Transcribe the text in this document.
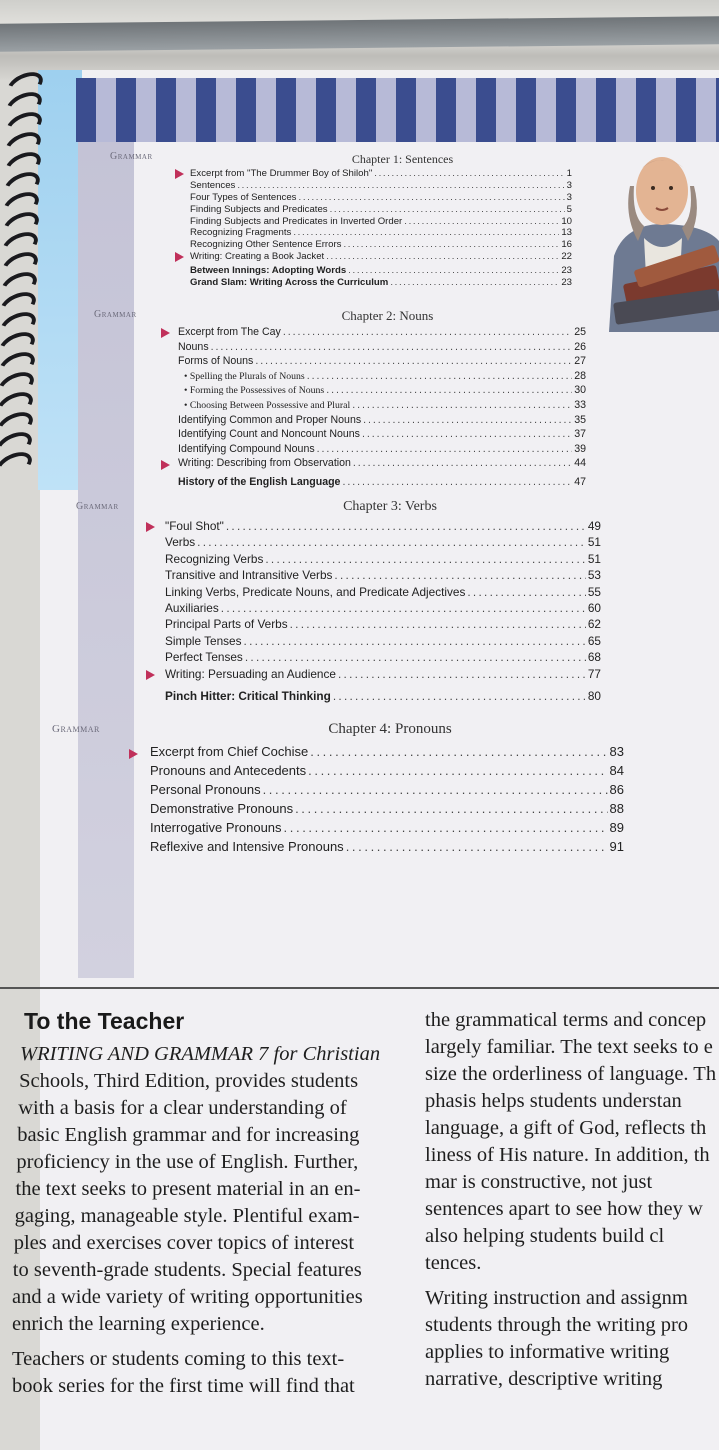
Grammar
Grammar
Grammar
Grammar
Chapter 1: Sentences
Chapter 2: Nouns
Chapter 3: Verbs
Chapter 4: Pronouns
Excerpt from "The Drummer Boy of Shiloh" . . .	1
Sentences . . .	3
Four Types of Sentences . . .	3
Finding Subjects and Predicates . . .	5
Finding Subjects and Predicates in Inverted Order . . .	10
Recognizing Fragments . . .	13
Recognizing Other Sentence Errors . . .	16
Writing: Creating a Book Jacket . . .	22
Between Innings: Adopting Words . . .	23
Grand Slam: Writing Across the Curriculum . . .	23
Excerpt from The Cay . . .	25
Nouns . . .	26
Forms of Nouns . . .	27
• Spelling the Plurals of Nouns . . .	28
• Forming the Possessives of Nouns . . .	30
• Choosing Between Possessive and Plural . . .	33
Identifying Common and Proper Nouns . . .	35
Identifying Count and Noncount Nouns . . .	37
Identifying Compound Nouns . . .	39
Writing: Describing from Observation . . .	44
History of the English Language . . .	47
"Foul Shot" . . .	49
Verbs . . .	51
Recognizing Verbs . . .	51
Transitive and Intransitive Verbs . . .	53
Linking Verbs, Predicate Nouns, and Predicate Adjectives . . .	55
Auxiliaries . . .	60
Principal Parts of Verbs . . .	62
Simple Tenses . . .	65
Perfect Tenses . . .	68
Writing: Persuading an Audience . . .	77
Pinch Hitter: Critical Thinking . . .	80
Excerpt from Chief Cochise . . .	83
Pronouns and Antecedents . . .	84
Personal Pronouns . . .	86
Demonstrative Pronouns . . .	88
Interrogative Pronouns . . .	89
Reflexive and Intensive Pronouns . . .	91
To the Teacher
WRITING AND GRAMMAR 7 for Christian
Schools, Third Edition, provides students
with a basis for a clear understanding of
basic English grammar and for increasing
proficiency in the use of English. Further,
the text seeks to present material in an en-
gaging, manageable style. Plentiful exam-
ples and exercises cover topics of interest
to seventh-grade students. Special features
and a wide variety of writing opportunities
enrich the learning experience.
Teachers or students coming to this text-
book series for the first time will find that
the grammatical terms and concep
largely familiar. The text seeks to e
size the orderliness of language. Th
phasis helps students understan
language, a gift of God, reflects th
liness of His nature. In addition, th
mar is constructive, not just
sentences apart to see how they w
also helping students build cl
tences.
Writing instruction and assignm
students through the writing pro
applies to informative writing
narrative, descriptive writing
